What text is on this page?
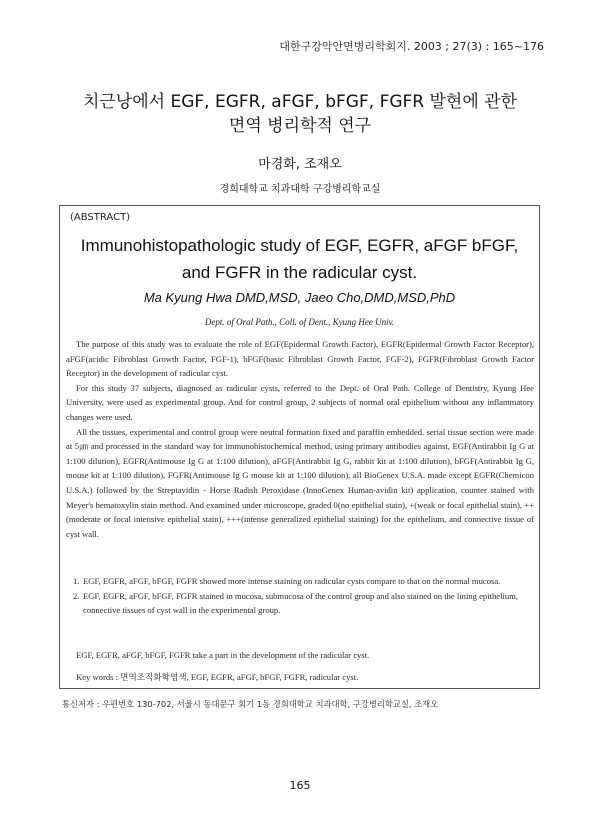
대한구강악안면병리학회지. 2003 ; 27(3) : 165~176
치근낭에서 EGF, EGFR, aFGF, bFGF, FGFR 발현에 관한
면역 병리학적 연구
마경화, 조재오
경희대학교 치과대학 구강병리학교실
(ABSTRACT)
Immunohistopathologic study of EGF, EGFR, aFGF bFGF,
and FGFR in the radicular cyst.
Ma Kyung Hwa DMD,MSD, Jaeo Cho,DMD,MSD,PhD
Dept. of Oral Path., Coll. of Dent., Kyung Hee Univ.

The purpose of this study was to evaluate the role of EGF(Epidermal Growth Factor), EGFR(Epidermal Growth Factor Receptor), aFGF(acidic Fibroblast Growth Factor, FGF-1), bFGF(basic Fibroblast Growth Factor, FGF-2), FGFR(Fibroblast Growth Factor Receptor) in the development of radicular cyst.

For this study 37 subjects, diagnosed as radicular cysts, referred to the Dept. of Oral Path. College of Dentistry, Kyung Hee University, were used as experimental group. And for control group, 2 subjects of normal oral epithelium without any inflammatory changes were used.

All the tissues, experimental and control group were neutral formation fixed and paraffin embedded. serial tissue section were made at 5㎛ and processed in the standard way for immunohistochemical method, using primary antibodies against, EGF(Antirabbit Ig G at 1:100 dilution), EGFR(Antimouse Ig G at 1:100 dilution), aFGF(Antirabbit Ig G, rabbit kit at 1:100 dilution), bFGF(Antirabbit Ig G, mouse kit at 1:100 dilution), FGFR(Antimouse Ig G mouse kit at 1:100 dilution), all BioGenex U.S.A. made except EGFR(Chemicon U.S.A.) followed by the Streptavidin - Horse Radish Peroxidase (InnoGenex Human-avidin kit) application, counter stained with Meyer's hematoxylin stain method. And examined under microscope, graded 0(no epithelial stain), +(weak or focal epithelial stain), ++(moderate or focal intensive epithelial stain), +++(intense generalized epithelial staining) for the epithelium, and connective tissue of cyst wall.

1. EGF, EGFR, aFGF, bFGF, FGFR showed more intense staining on radicular cysts compare to that on the normal mucosa.
2. EGF, EGFR, aFGF, bFGF, FGFR stained in mucosa, submucosa of the control group and also stained on the lining epithelium, connective tissues of cyst wall in the experimental group.
EGF, EGFR, aFGF, bFGF, FGFR take a part in the development of the radicular cyst.
Key words : 면역조직화학염색, EGF, EGFR, aFGF, bFGF, FGFR, radicular cyst.
통신저자 : 우편번호 130-702, 서울시 동대문구 회기 1동 경희대학교 치과대학, 구강병리학교실, 조재오
165
